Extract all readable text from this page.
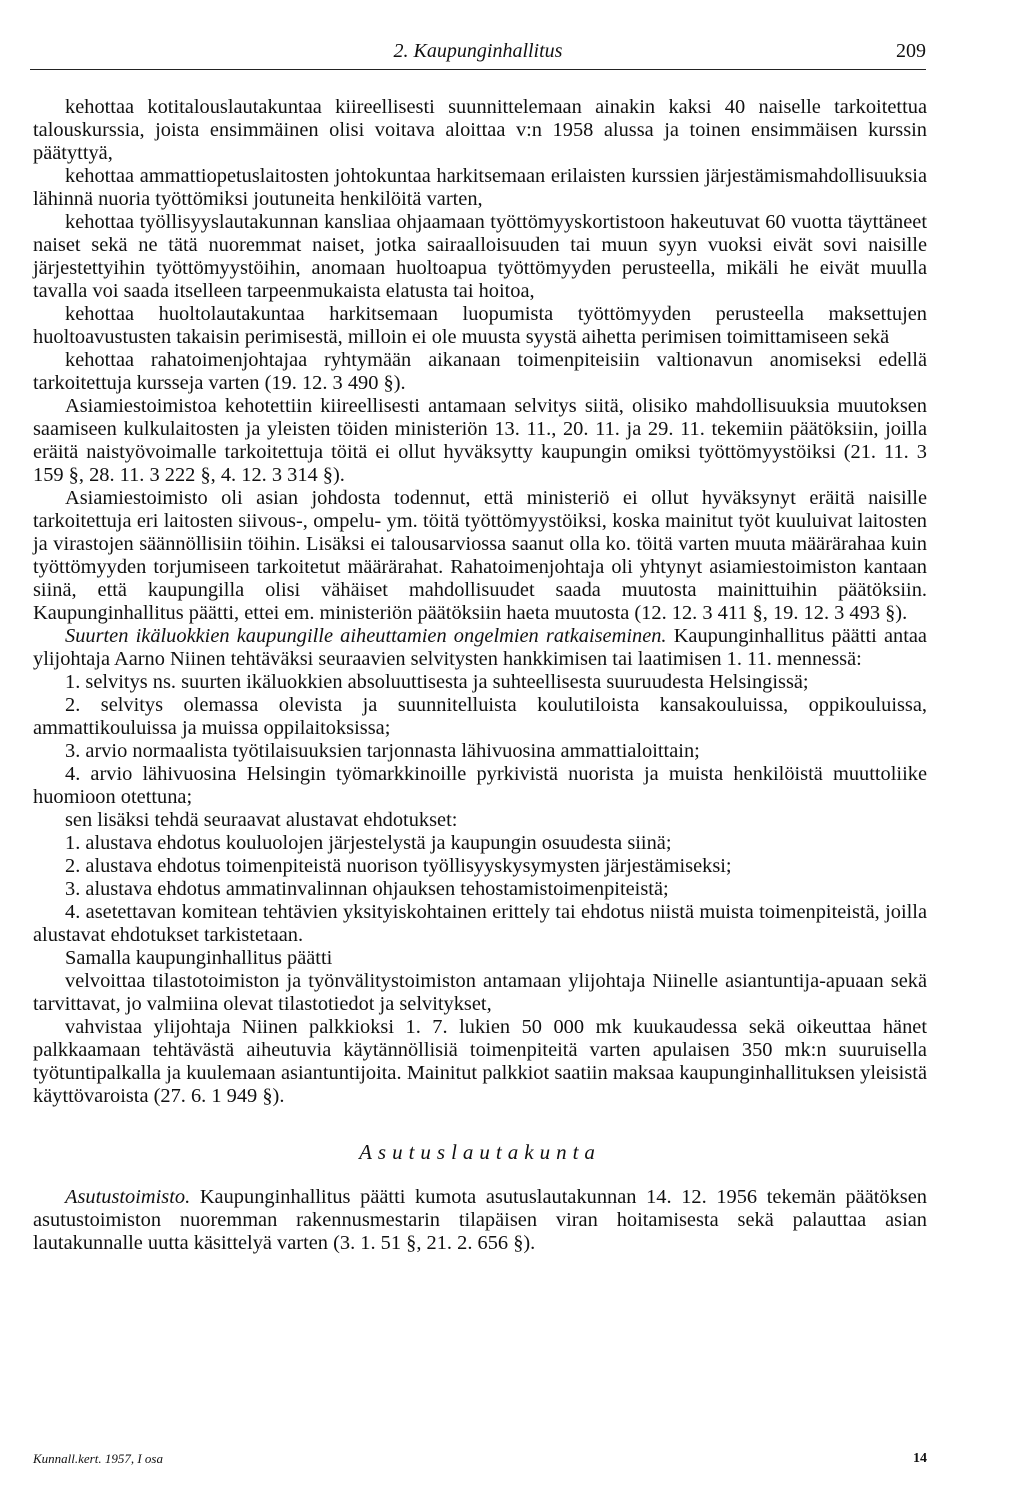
2. Kaupunginhallitus	209

kehottaa kotitalouslautakuntaa kiireellisesti suunnittelemaan ainakin kaksi 40 naiselle tarkoitettua talouskurssia, joista ensimmäinen olisi voitava aloittaa v:n 1958 alussa ja toinen ensimmäisen kurssin päätyttyä,

kehottaa ammattiopetuslaitosten johtokuntaa harkitsemaan erilaisten kurssien järjestämismahdollisuuksia lähinnä nuoria työttömiksi joutuneita henkilöitä varten,

kehottaa työllisyyslautakunnan kansliaa ohjaamaan työttömyyskortistoon hakeutuvat 60 vuotta täyttäneet naiset sekä ne tätä nuoremmat naiset, jotka sairaalloisuuden tai muun syyn vuoksi eivät sovi naisille järjestettyihin työttömyystöihin, anomaan huoltoapua työttömyyden perusteella, mikäli he eivät muulla tavalla voi saada itselleen tarpeenmukaista elatusta tai hoitoa,

kehottaa huoltolautakuntaa harkitsemaan luopumista työttömyyden perusteella maksettujen huoltoavustusten takaisin perimisestä, milloin ei ole muusta syystä aihetta perimisen toimittamiseen sekä

kehottaa rahatoimenjohtajaa ryhtymään aikanaan toimenpiteisiin valtionavun anomiseksi edellä tarkoitettuja kursseja varten (19. 12. 3 490 §).

Asiamiestoimistoa kehotettiin kiireellisesti antamaan selvitys siitä, olisiko mahdollisuuksia muutoksen saamiseen kulkulaitosten ja yleisten töiden ministeriön 13. 11., 20. 11. ja 29. 11. tekemiin päätöksiin, joilla eräitä naistyövoimalle tarkoitettuja töitä ei ollut hyväksytty kaupungin omiksi työttömyystöiksi (21. 11. 3 159 §, 28. 11. 3 222 §, 4. 12. 3 314 §).

Asiamiestoimisto oli asian johdosta todennut, että ministeriö ei ollut hyväksynyt eräitä naisille tarkoitettuja eri laitosten siivous-, ompelu- ym. töitä työttömyystöiksi, koska mainitut työt kuuluivat laitosten ja virastojen säännöllisiin töihin. Lisäksi ei talousarviossa saanut olla ko. töitä varten muuta määrärahaa kuin työttömyyden torjumiseen tarkoitetut määrärahat. Rahatoimenjohtaja oli yhtynyt asiamiestoimiston kantaan siinä, että kaupungilla olisi vähäiset mahdollisuudet saada muutosta mainittuihin päätöksiin. Kaupunginhallitus päätti, ettei em. ministeriön päätöksiin haeta muutosta (12. 12. 3 411 §, 19. 12. 3 493 §).

Suurten ikäluokkien kaupungille aiheuttamien ongelmien ratkaiseminen. Kaupunginhallitus päätti antaa ylijohtaja Aarno Niinen tehtäväksi seuraavien selvitysten hankkimisen tai laatimisen 1. 11. mennessä:

1. selvitys ns. suurten ikäluokkien absoluuttisesta ja suhteellisesta suuruudesta Helsingissä;

2. selvitys olemassa olevista ja suunnitelluista koulutiloista kansakouluissa, oppikouluissa, ammattikouluissa ja muissa oppilaitoksissa;

3. arvio normaalista työtilaisuuksien tarjonnasta lähivuosina ammattialoittain;

4. arvio lähivuosina Helsingin työmarkkinoille pyrkivistä nuorista ja muista henkilöistä muuttoliike huomioon otettuna;

sen lisäksi tehdä seuraavat alustavat ehdotukset:

1. alustava ehdotus kouluolojen järjestelystä ja kaupungin osuudesta siinä;

2. alustava ehdotus toimenpiteistä nuorison työllisyyskysymysten järjestämiseksi;

3. alustava ehdotus ammatinvalinnan ohjauksen tehostamistoimenpiteistä;

4. asetettavan komitean tehtävien yksityiskohtainen erittely tai ehdotus niistä muista toimenpiteistä, joilla alustavat ehdotukset tarkistetaan.

Samalla kaupunginhallitus päätti

velvoittaa tilastotoimiston ja työnvälitystoimiston antamaan ylijohtaja Niinelle asiantuntija-apuaan sekä tarvittavat, jo valmiina olevat tilastotiedot ja selvitykset,

vahvistaa ylijohtaja Niinen palkkioksi 1. 7. lukien 50 000 mk kuukaudessa sekä oikeuttaa hänet palkkaamaan tehtävästä aiheutuvia käytännöllisiä toimenpiteitä varten apulaisen 350 mk:n suuruisella työtuntipalkalla ja kuulemaan asiantuntijoita. Mainitut palkkiot saatiin maksaa kaupunginhallituksen yleisistä käyttövaroista (27. 6. 1 949 §).

Asutuslautakunta

Asutustoimisto. Kaupunginhallitus päätti kumota asutuslautakunnan 14. 12. 1956 tekemän päätöksen asutustoimiston nuoremman rakennusmestarin tilapäisen viran hoitamisesta sekä palauttaa asian lautakunnalle uutta käsittelyä varten (3. 1. 51 §, 21. 2. 656 §).

Kunnall.kert. 1957, I osa	14
